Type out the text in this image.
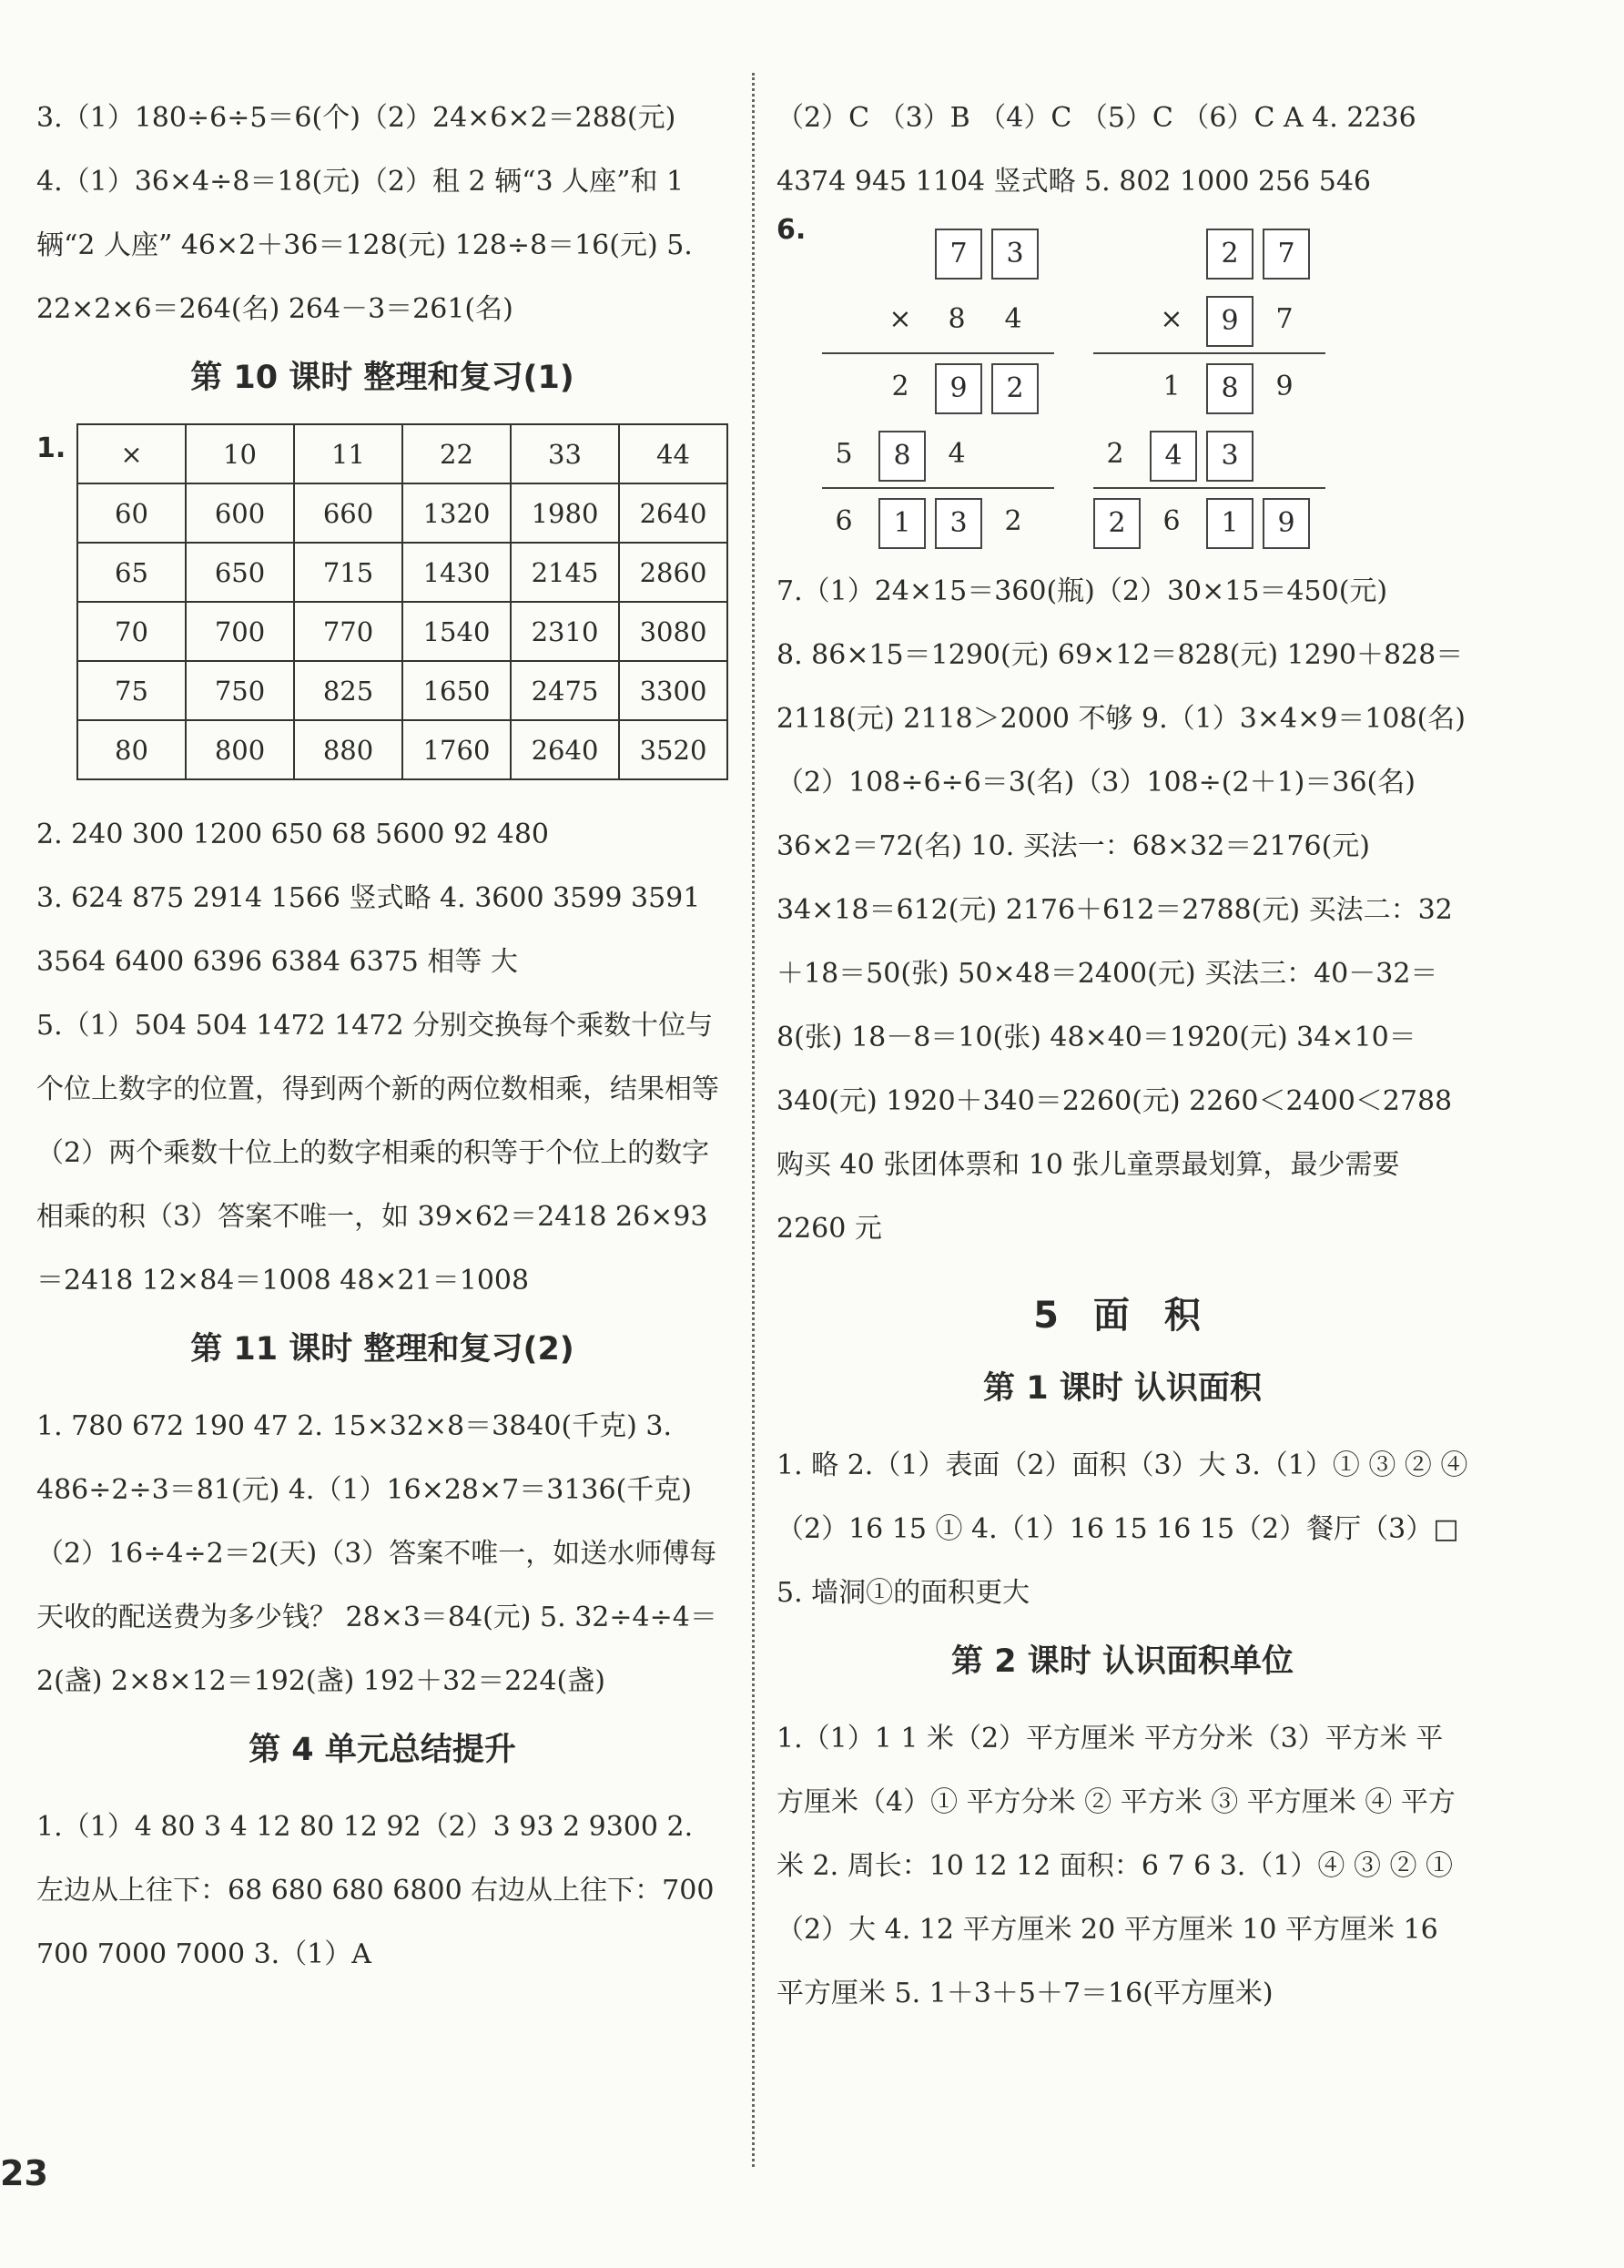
3.（1）180÷6÷5＝6(个)（2）24×6×2＝288(元)

4.（1）36×4÷8＝18(元)（2）租 2 辆“3 人座”和 1 辆“2 人座” 46×2＋36＝128(元) 128÷8＝16(元) 5. 22×2×6＝264(名) 264－3＝261(名)

第 10 课时 整理和复习(1)
1. ×	10	11	22	33	44
60	600	660	1320	1980	2640
65	650	715	1430	2145	2860
70	700	770	1540	2310	3080
75	750	825	1650	2475	3300
80	800	880	1760	2640	3520

2. 240 300 1200 650 68 5600 92 480

3. 624 875 2914 1566 竖式略 4. 3600 3599 3591 3564 6400 6396 6384 6375 相等 大

5.（1）504 504 1472 1472 分别交换每个乘数十位与个位上数字的位置，得到两个新的两位数相乘，结果相等（2）两个乘数十位上的数字相乘的积等于个位上的数字相乘的积（3）答案不唯一，如 39×62＝2418 26×93＝2418 12×84＝1008 48×21＝1008

第 11 课时 整理和复习(2)

1. 780 672 190 47 2. 15×32×8＝3840(千克) 3. 486÷2÷3＝81(元) 4.（1）16×28×7＝3136(千克)（2）16÷4÷2＝2(天)（3）答案不唯一，如送水师傅每天收的配送费为多少钱？ 28×3＝84(元) 5. 32÷4÷4＝2(盏) 2×8×12＝192(盏) 192＋32＝224(盏)

第 4 单元总结提升

1.（1）4 80 3 4 12 80 12 92（2）3 93 2 9300 2. 左边从上往下：68 680 680 6800 右边从上往下：700 700 7000 7000 3.（1）A

（2）C （3）B （4）C （5）C （6）C A 4. 2236 4374 945 1104 竖式略 5. 802 1000 256 546

6.
7	3
×	8	4
2	9	2
5	8	4
6	1	3	2
2	7
×	9	7
1	8	9
2	4	3
2	6	1	9

7.（1）24×15＝360(瓶)（2）30×15＝450(元)

8. 86×15＝1290(元) 69×12＝828(元) 1290＋828＝2118(元) 2118＞2000 不够 9.（1）3×4×9＝108(名)（2）108÷6÷6＝3(名)（3）108÷(2＋1)＝36(名) 36×2＝72(名) 10. 买法一：68×32＝2176(元) 34×18＝612(元) 2176＋612＝2788(元) 买法二：32＋18＝50(张) 50×48＝2400(元) 买法三：40－32＝8(张) 18－8＝10(张) 48×40＝1920(元) 34×10＝340(元) 1920＋340＝2260(元) 2260＜2400＜2788 购买 40 张团体票和 10 张儿童票最划算，最少需要 2260 元

5 面 积
第 1 课时 认识面积

1. 略 2.（1）表面（2）面积（3）大 3.（1）① ③ ② ④（2）16 15 ① 4.（1）16 15 16 15（2）餐厅（3）□ 5. 墙洞①的面积更大

第 2 课时 认识面积单位

1.（1）1 1 米（2）平方厘米 平方分米（3）平方米 平方厘米（4）① 平方分米 ② 平方米 ③ 平方厘米 ④ 平方米 2. 周长：10 12 12 面积：6 7 6 3.（1）④ ③ ② ①（2）大 4. 12 平方厘米 20 平方厘米 10 平方厘米 16 平方厘米 5. 1＋3＋5＋7＝16(平方厘米)

23
